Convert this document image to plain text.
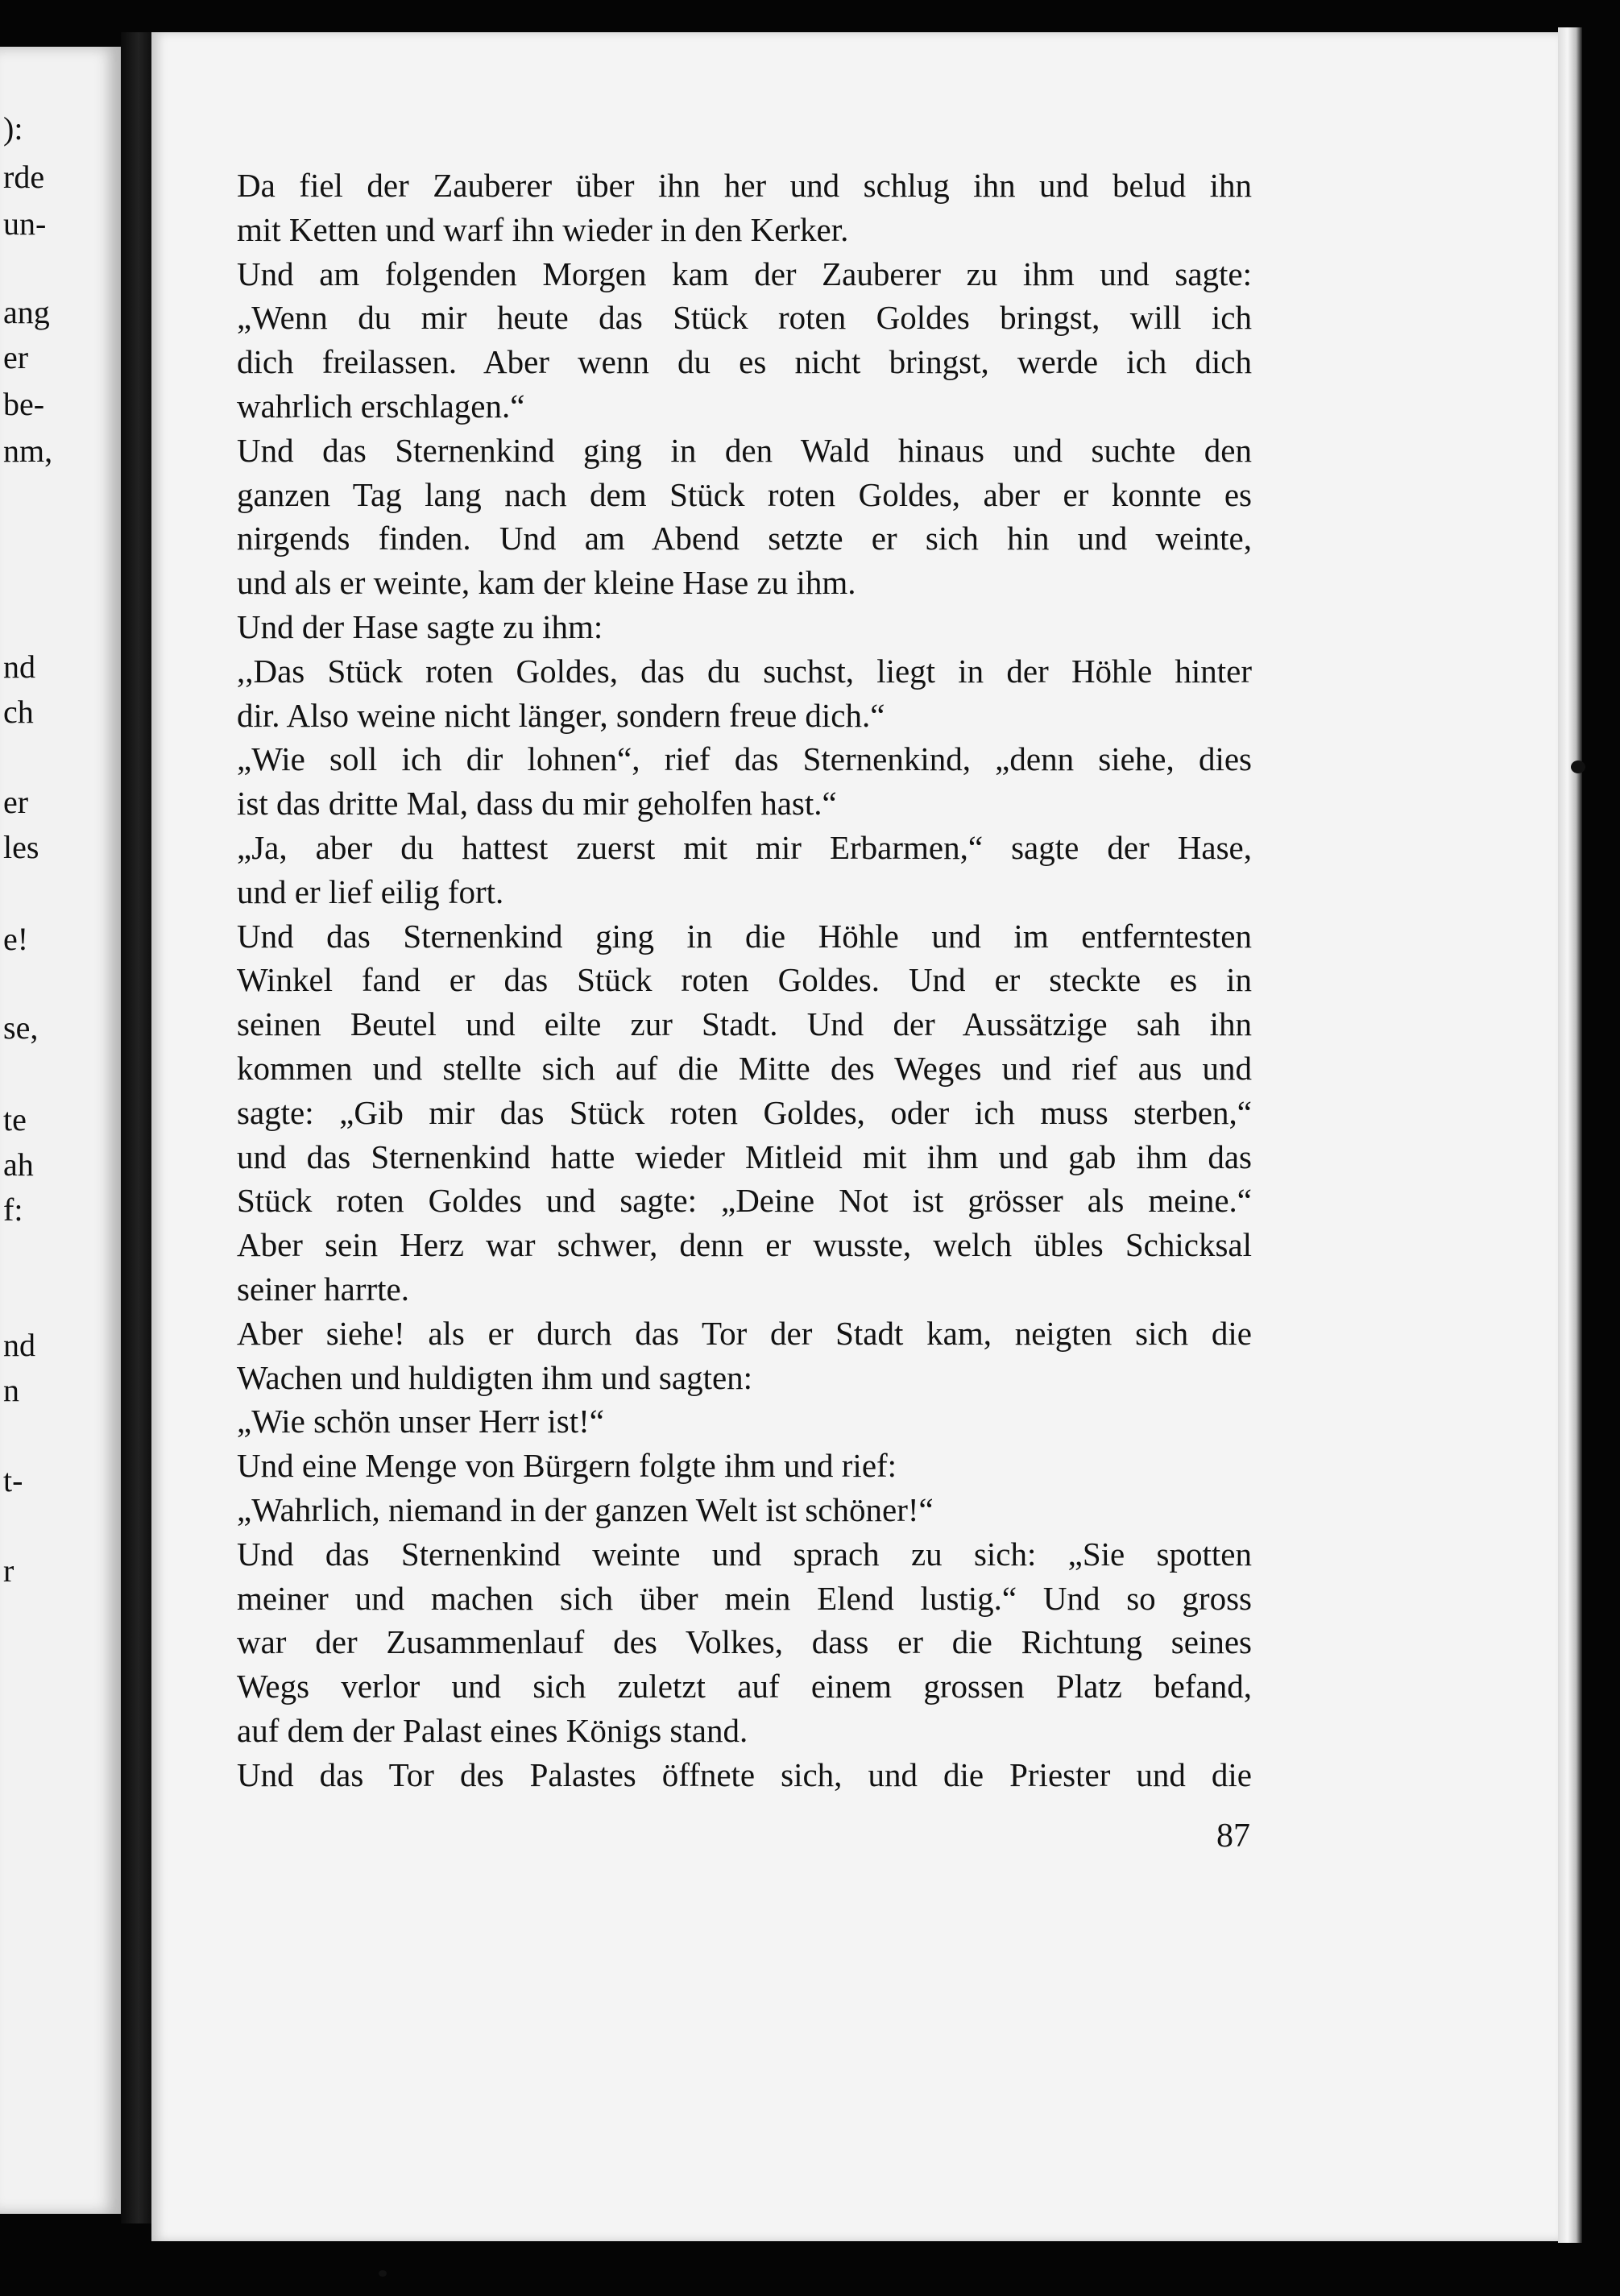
):
rde
un-
ang
er
be-
nm,
nd
ch
er
les
e!
se,
te
ah
f:
nd
n
t-
r
Da fiel der Zauberer über ihn her und schlug ihn und belud ihn
mit Ketten und warf ihn wieder in den Kerker.
Und am folgenden Morgen kam der Zauberer zu ihm und sagte:
„Wenn du mir heute das Stück roten Goldes bringst, will ich
dich freilassen. Aber wenn du es nicht bringst, werde ich dich
wahrlich erschlagen.“
Und das Sternenkind ging in den Wald hinaus und suchte den
ganzen Tag lang nach dem Stück roten Goldes, aber er konnte es
nirgends finden. Und am Abend setzte er sich hin und weinte,
und als er weinte, kam der kleine Hase zu ihm.
Und der Hase sagte zu ihm:
,,Das Stück roten Goldes, das du suchst, liegt in der Höhle hinter
dir. Also weine nicht länger, sondern freue dich.“
„Wie soll ich dir lohnen“, rief das Sternenkind, „denn siehe, dies
ist das dritte Mal, dass du mir geholfen hast.“
„Ja, aber du hattest zuerst mit mir Erbarmen,“ sagte der Hase,
und er lief eilig fort.
Und das Sternenkind ging in die Höhle und im entferntesten
Winkel fand er das Stück roten Goldes. Und er steckte es in
seinen Beutel und eilte zur Stadt. Und der Aussätzige sah ihn
kommen und stellte sich auf die Mitte des Weges und rief aus und
sagte: „Gib mir das Stück roten Goldes, oder ich muss sterben,“
und das Sternenkind hatte wieder Mitleid mit ihm und gab ihm das
Stück roten Goldes und sagte: „Deine Not ist grösser als meine.“
Aber sein Herz war schwer, denn er wusste, welch übles Schicksal
seiner harrte.
Aber siehe! als er durch das Tor der Stadt kam, neigten sich die
Wachen und huldigten ihm und sagten:
„Wie schön unser Herr ist!“
Und eine Menge von Bürgern folgte ihm und rief:
„Wahrlich, niemand in der ganzen Welt ist schöner!“
Und das Sternenkind weinte und sprach zu sich: „Sie spotten
meiner und machen sich über mein Elend lustig.“ Und so gross
war der Zusammenlauf des Volkes, dass er die Richtung seines
Wegs verlor und sich zuletzt auf einem grossen Platz befand,
auf dem der Palast eines Königs stand.
Und das Tor des Palastes öffnete sich, und die Priester und die
87
